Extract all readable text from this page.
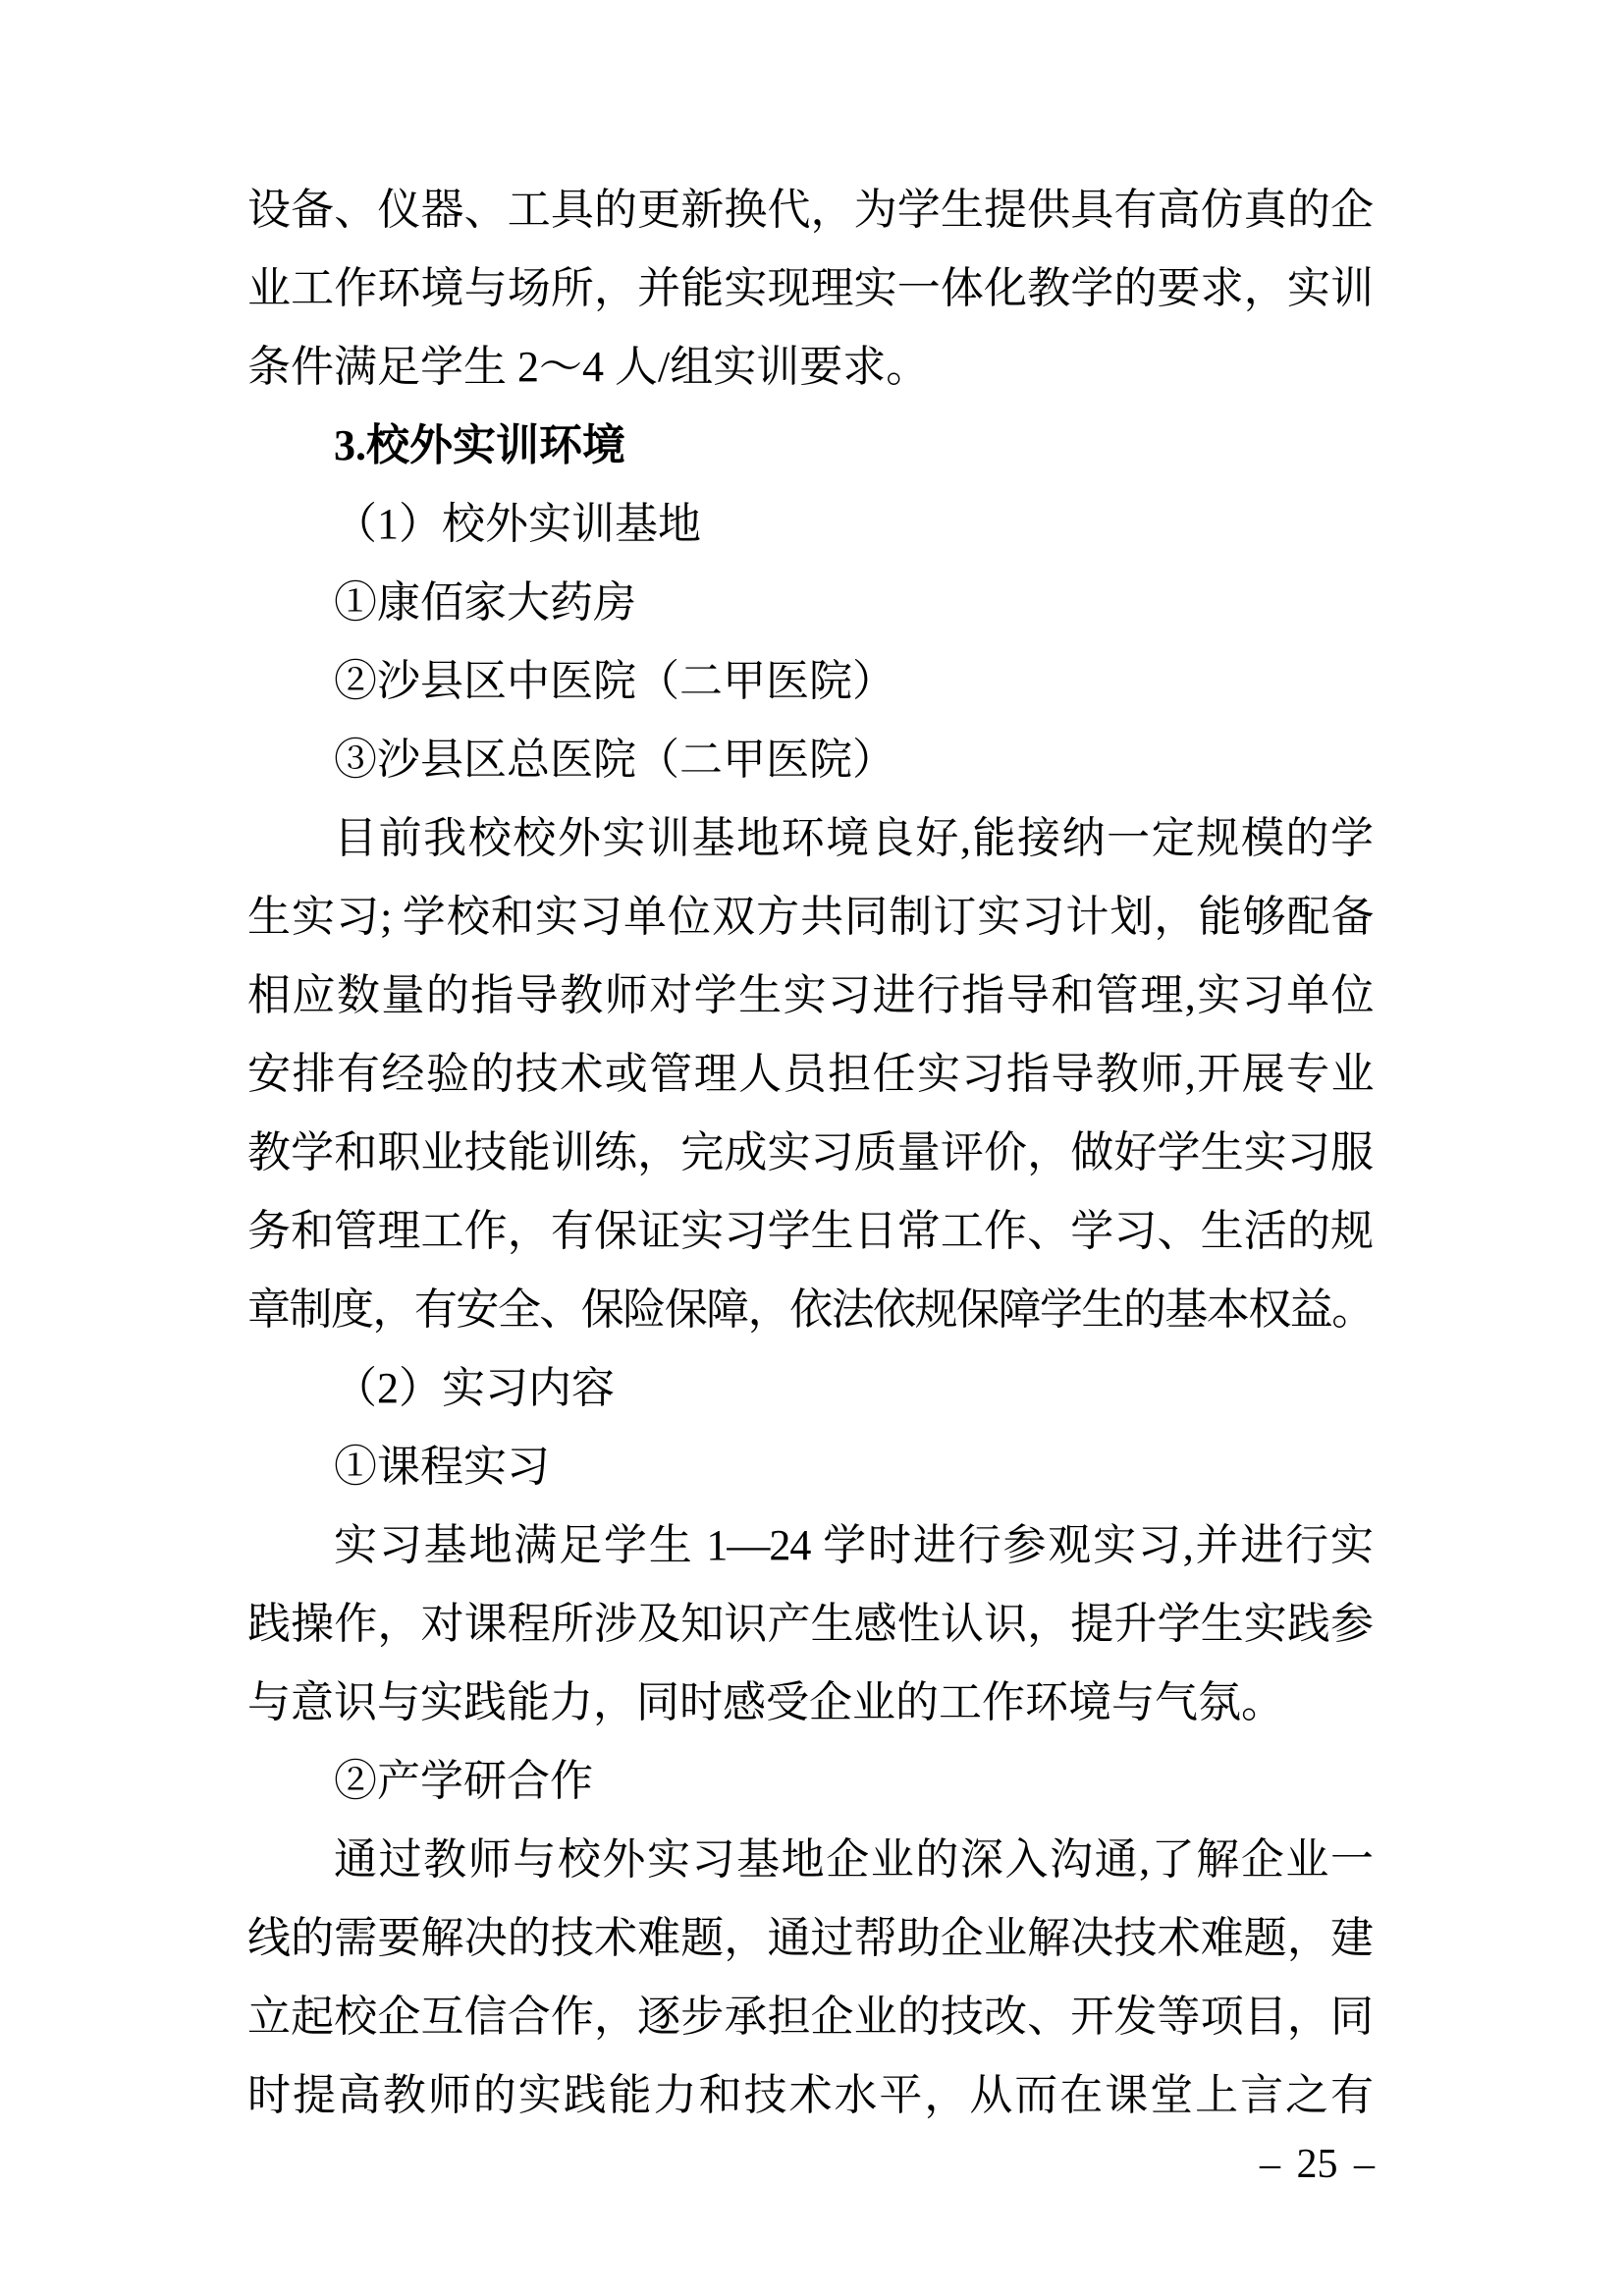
设备、仪器、工具的更新换代，为学生提供具有高仿真的企
业工作环境与场所，并能实现理实一体化教学的要求，实训
条件满足学生 2～4 人/组实训要求。
3.校外实训环境
（1）校外实训基地
①康佰家大药房
②沙县区中医院（二甲医院）
③沙县区总医院（二甲医院）
目前我校校外实训基地环境良好,能接纳一定规模的学
生实习; 学校和实习单位双方共同制订实习计划，能够配备
相应数量的指导教师对学生实习进行指导和管理,实习单位
安排有经验的技术或管理人员担任实习指导教师,开展专业
教学和职业技能训练，完成实习质量评价，做好学生实习服
务和管理工作，有保证实习学生日常工作、学习、生活的规
章制度，有安全、保险保障，依法依规保障学生的基本权益。
（2）实习内容
①课程实习
实习基地满足学生 1—24 学时进行参观实习,并进行实
践操作，对课程所涉及知识产生感性认识，提升学生实践参
与意识与实践能力，同时感受企业的工作环境与气氛。
②产学研合作
通过教师与校外实习基地企业的深入沟通,了解企业一
线的需要解决的技术难题，通过帮助企业解决技术难题，建
立起校企互信合作，逐步承担企业的技改、开发等项目，同
时提高教师的实践能力和技术水平，从而在课堂上言之有
– 25 –
